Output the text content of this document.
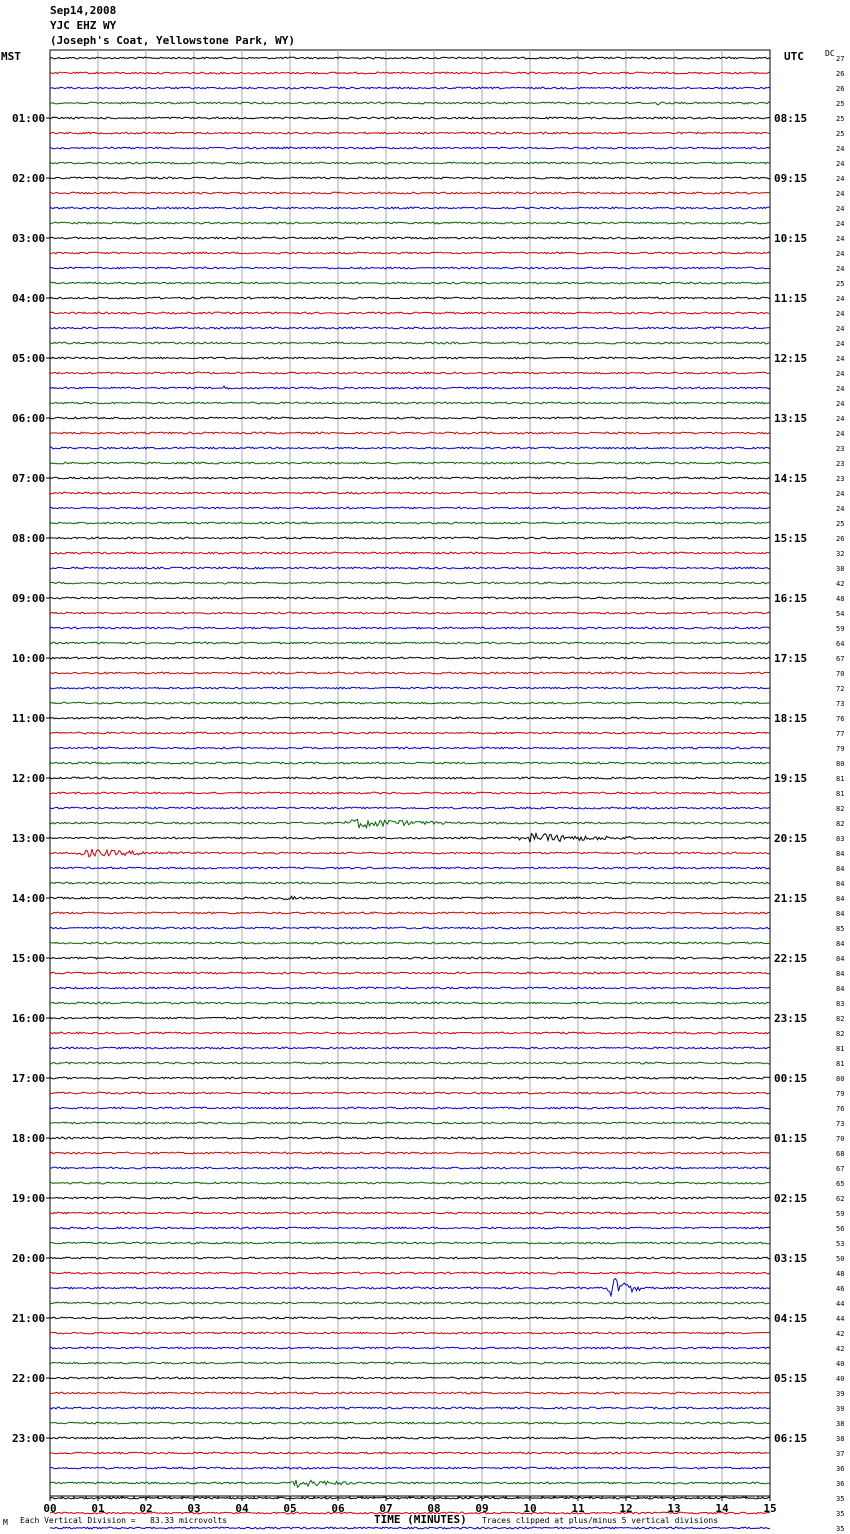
Sep14,2008
YJC EHZ WY
(Joseph's Coat, Yellowstone Park, WY)
MST	UTC	DC
00	01	02	03	04	05	06	07	08	09	10	11	12	13	14	15
27
26
26
25
25
25
24
24
24
24
24
24
24
24
24
25
24
24
24
24
24
24
24
24
24
24
23
23
23
24
24
25
26
32
38
42
48
54
59
64
67
70
72
73
76
77
79
80
81
81
82
82
83
84
84
84
84
84
85
84
84
84
84
83
82
82
81
81
80
79
76
73
70
68
67
65
62
59
56
53
50
48
46
44
44
42
42
40
40
39
39
38
38
37
36
36
35
35
35
01:00
02:00
03:00
04:00
05:00
06:00
07:00
08:00
09:00
10:00
11:00
12:00
13:00
14:00
15:00
16:00
17:00
18:00
19:00
20:00
21:00
22:00
23:00
08:15
09:15
10:15
11:15
12:15
13:15
14:15
15:15
16:15
17:15
18:15
19:15
20:15
21:15
22:15
23:15
00:15
01:15
02:15
03:15
04:15
05:15
06:15
M Each Vertical Division =   83.33 microvolts	TIME (MINUTES) Traces clipped at plus/minus 5 vertical divisions
